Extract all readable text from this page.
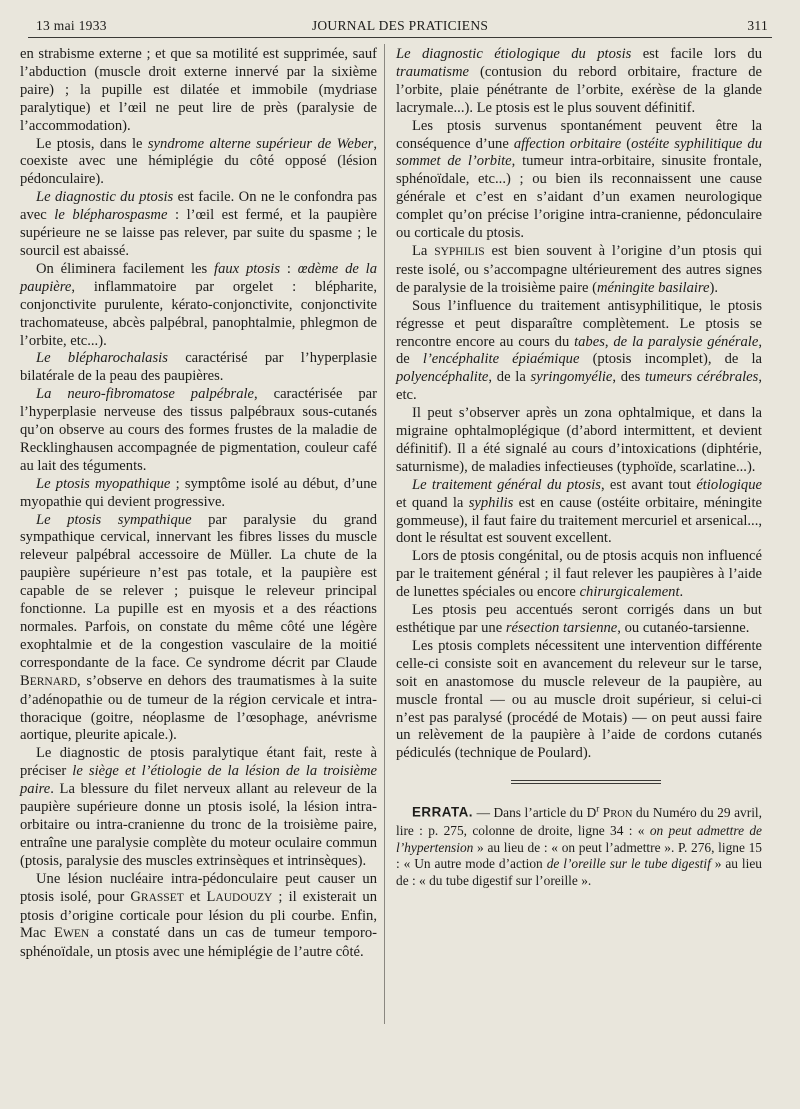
13 mai 1933	JOURNAL DES PRATICIENS	311

en strabisme externe ; et que sa motilité est supprimée, sauf l’abduction (muscle droit externe innervé par la sixième paire) ; la pupille est dilatée et immobile (mydriase paralytique) et l’œil ne peut lire de près (paralysie de l’accommodation).

Le ptosis, dans le syndrome alterne supérieur de Weber, coexiste avec une hémiplégie du côté opposé (lésion pédonculaire).

Le diagnostic du ptosis est facile. On ne le confondra pas avec le blépharospasme : l’œil est fermé, et la paupière supérieure ne se laisse pas relever, par suite du spasme ; le sourcil est abaissé.

On éliminera facilement les faux ptosis : œdème de la paupière, inflammatoire par orgelet : blépharite, conjonctivite purulente, kérato-conjonctivite, conjonctivite trachomateuse, abcès palpébral, panophtalmie, phlegmon de l’orbite, etc...).

Le blépharochalasis caractérisé par l’hyperplasie bilatérale de la peau des paupières.

La neuro-fibromatose palpébrale, caractérisée par l’hyperplasie nerveuse des tissus palpébraux sous-cutanés qu’on observe au cours des formes frustes de la maladie de Recklinghausen accompagnée de pigmentation, couleur café au lait des téguments.

Le ptosis myopathique ; symptôme isolé au début, d’une myopathie qui devient progressive.

Le ptosis sympathique par paralysie du grand sympathique cervical, innervant les fibres lisses du muscle releveur palpébral accessoire de Müller. La chute de la paupière supérieure n’est pas totale, et la paupière est capable de se relever ; puisque le releveur principal fonctionne. La pupille est en myosis et a des réactions normales. Parfois, on constate du même côté une légère exophtalmie et de la congestion vasculaire de la moitié correspondante de la face. Ce syndrome décrit par Claude BERNARD, s’observe en dehors des traumatismes à la suite d’adénopathie ou de tumeur de la région cervicale et intra-thoracique (goitre, néoplasme de l’œsophage, anévrisme aortique, pleurite apicale.).

Le diagnostic de ptosis paralytique étant fait, reste à préciser le siège et l’étiologie de la lésion de la troisième paire. La blessure du filet nerveux allant au releveur de la paupière supérieure donne un ptosis isolé, la lésion intra-orbitaire ou intra-cranienne du tronc de la troisième paire, entraîne une paralysie complète du moteur oculaire commun (ptosis, paralysie des muscles extrinsèques et intrinsèques).

Une lésion nucléaire intra-pédonculaire peut causer un ptosis isolé, pour GRASSET et LAUDOUZY ; il existerait un ptosis d’origine corticale pour lésion du pli courbe. Enfin, Mac EWEN a constaté dans un cas de tumeur temporo-sphénoïdale, un ptosis avec une hémiplégie de l’autre côté.

Le diagnostic étiologique du ptosis est facile lors du traumatisme (contusion du rebord orbitaire, fracture de l’orbite, plaie pénétrante de l’orbite, exérèse de la glande lacrymale...). Le ptosis est le plus souvent définitif.

Les ptosis survenus spontanément peuvent être la conséquence d’une affection orbitaire (ostéite syphilitique du sommet de l’orbite, tumeur intra-orbitaire, sinusite frontale, sphénoïdale, etc...) ; ou bien ils reconnaissent une cause générale et c’est en s’aidant d’un examen neurologique complet qu’on précise l’origine intra-cranienne, pédonculaire ou corticale du ptosis.

La SYPHILIS est bien souvent à l’origine d’un ptosis qui reste isolé, ou s’accompagne ultérieurement des autres signes de paralysie de la troisième paire (méningite basilaire).

Sous l’influence du traitement antisyphilitique, le ptosis régresse et peut disparaître complètement. Le ptosis se rencontre encore au cours du tabes, de la paralysie générale, de l’encéphalite épiaémique (ptosis incomplet), de la polyencéphalite, de la syringomyélie, des tumeurs cérébrales, etc.

Il peut s’observer après un zona ophtalmique, et dans la migraine ophtalmoplégique (d’abord intermittent, et devient définitif). Il a été signalé au cours d’intoxications (diphtérie, saturnisme), de maladies infectieuses (typhoïde, scarlatine...).

Le traitement général du ptosis, est avant tout étiologique et quand la syphilis est en cause (ostéite orbitaire, méningite gommeuse), il faut faire du traitement mercuriel et arsenical..., dont le résultat est souvent excellent.

Lors de ptosis congénital, ou de ptosis acquis non influencé par le traitement général ; il faut relever les paupières à l’aide de lunettes spéciales ou encore chirurgicalement.

Les ptosis peu accentués seront corrigés dans un but esthétique par une résection tarsienne, ou cutanéo-tarsienne.

Les ptosis complets nécessitent une intervention différente celle-ci consiste soit en avancement du releveur sur le tarse, soit en anastomose du muscle releveur de la paupière, au muscle frontal — ou au muscle droit supérieur, si celui-ci n’est pas paralysé (procédé de Motais) — on peut aussi faire un relèvement de la paupière à l’aide de cordons cutanés pédiculés (technique de Poulard).

ERRATA. — Dans l’article du $D^r$ PRON du Numéro du 29 avril, lire : p. 275, colonne de droite, ligne 34 : « on peut admettre de l’hypertension » au lieu de : « on peut l’admettre ». P. 276, ligne 15 : « Un autre mode d’action de l’oreille sur le tube digestif » au lieu de : « du tube digestif sur l’oreille ».
